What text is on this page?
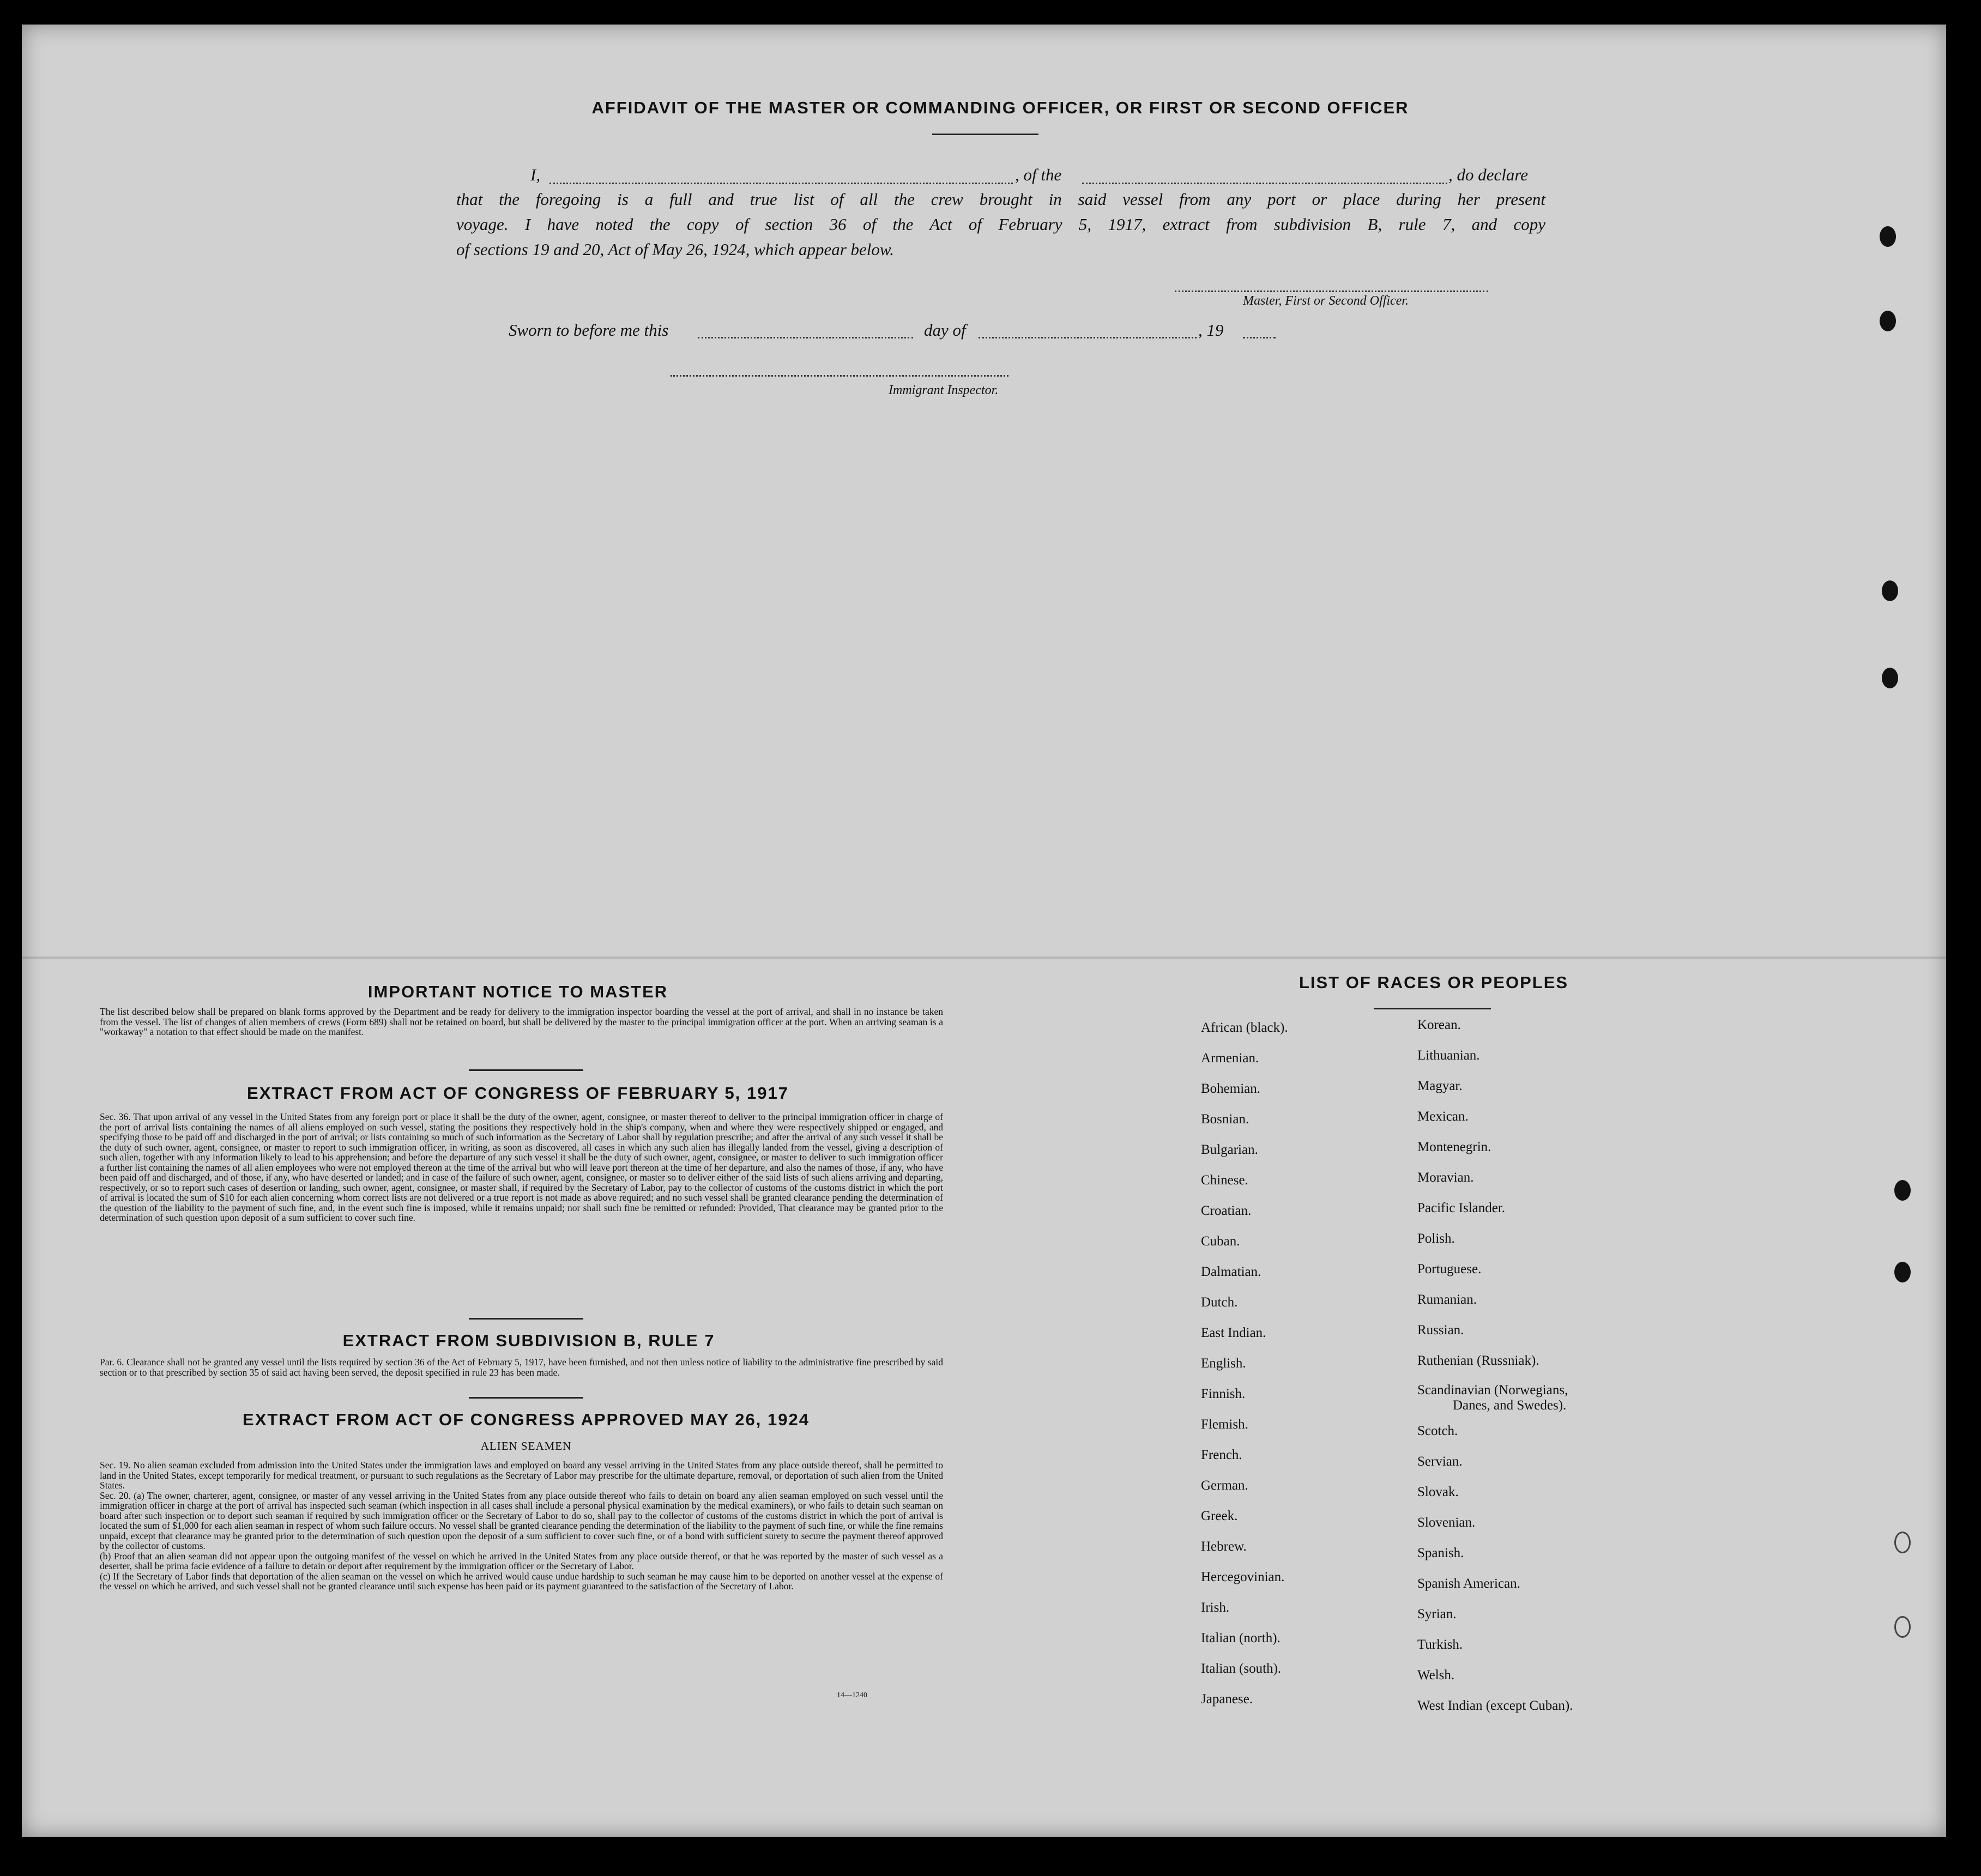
AFFIDAVIT OF THE MASTER OR COMMANDING OFFICER, OR FIRST OR SECOND OFFICER
I,	, of the	, do declare
that the foregoing is a full and true list of all the crew brought in said vessel from any port or place during her present
voyage. I have noted the copy of section 36 of the Act of February 5, 1917, extract from subdivision B, rule 7, and copy
of sections 19 and 20, Act of May 26, 1924, which appear below.
Master, First or Second Officer.
Sworn to before me this	day of	, 19
Immigrant Inspector.
IMPORTANT NOTICE TO MASTER
The list described below shall be prepared on blank forms approved by the Department and be ready for delivery to the immigration inspector boarding the vessel at the port of arrival, and shall in no instance be taken from the vessel. The list of changes of alien members of crews (Form 689) shall not be retained on board, but shall be delivered by the master to the principal immigration officer at the port. When an arriving seaman is a "workaway" a notation to that effect should be made on the manifest.
EXTRACT FROM ACT OF CONGRESS OF FEBRUARY 5, 1917
Sec. 36. That upon arrival of any vessel in the United States from any foreign port or place it shall be the duty of the owner, agent, consignee, or master thereof to deliver to the principal immigration officer in charge of the port of arrival lists containing the names of all aliens employed on such vessel, stating the positions they respectively hold in the ship's company, when and where they were respectively shipped or engaged, and specifying those to be paid off and discharged in the port of arrival; or lists containing so much of such information as the Secretary of Labor shall by regulation prescribe; and after the arrival of any such vessel it shall be the duty of such owner, agent, consignee, or master to report to such immigration officer, in writing, as soon as discovered, all cases in which any such alien has illegally landed from the vessel, giving a description of such alien, together with any information likely to lead to his apprehension; and before the departure of any such vessel it shall be the duty of such owner, agent, consignee, or master to deliver to such immigration officer a further list containing the names of all alien employees who were not employed thereon at the time of the arrival but who will leave port thereon at the time of her departure, and also the names of those, if any, who have been paid off and discharged, and of those, if any, who have deserted or landed; and in case of the failure of such owner, agent, consignee, or master so to deliver either of the said lists of such aliens arriving and departing, respectively, or so to report such cases of desertion or landing, such owner, agent, consignee, or master shall, if required by the Secretary of Labor, pay to the collector of customs of the customs district in which the port of arrival is located the sum of $10 for each alien concerning whom correct lists are not delivered or a true report is not made as above required; and no such vessel shall be granted clearance pending the determination of the question of the liability to the payment of such fine, and, in the event such fine is imposed, while it remains unpaid; nor shall such fine be remitted or refunded: Provided, That clearance may be granted prior to the determination of such question upon deposit of a sum sufficient to cover such fine.
EXTRACT FROM SUBDIVISION B, RULE 7
Par. 6. Clearance shall not be granted any vessel until the lists required by section 36 of the Act of February 5, 1917, have been furnished, and not then unless notice of liability to the administrative fine prescribed by said section or to that prescribed by section 35 of said act having been served, the deposit specified in rule 23 has been made.
EXTRACT FROM ACT OF CONGRESS APPROVED MAY 26, 1924
ALIEN SEAMEN

Sec. 19. No alien seaman excluded from admission into the United States under the immigration laws and employed on board any vessel arriving in the United States from any place outside thereof, shall be permitted to land in the United States, except temporarily for medical treatment, or pursuant to such regulations as the Secretary of Labor may prescribe for the ultimate departure, removal, or deportation of such alien from the United States.

Sec. 20. (a) The owner, charterer, agent, consignee, or master of any vessel arriving in the United States from any place outside thereof who fails to detain on board any alien seaman employed on such vessel until the immigration officer in charge at the port of arrival has inspected such seaman (which inspection in all cases shall include a personal physical examination by the medical examiners), or who fails to detain such seaman on board after such inspection or to deport such seaman if required by such immigration officer or the Secretary of Labor to do so, shall pay to the collector of customs of the customs district in which the port of arrival is located the sum of $1,000 for each alien seaman in respect of whom such failure occurs. No vessel shall be granted clearance pending the determination of the liability to the payment of such fine, or while the fine remains unpaid, except that clearance may be granted prior to the determination of such question upon the deposit of a sum sufficient to cover such fine, or of a bond with sufficient surety to secure the payment thereof approved by the collector of customs.

(b) Proof that an alien seaman did not appear upon the outgoing manifest of the vessel on which he arrived in the United States from any place outside thereof, or that he was reported by the master of such vessel as a deserter, shall be prima facie evidence of a failure to detain or deport after requirement by the immigration officer or the Secretary of Labor.

(c) If the Secretary of Labor finds that deportation of the alien seaman on the vessel on which he arrived would cause undue hardship to such seaman he may cause him to be deported on another vessel at the expense of the vessel on which he arrived, and such vessel shall not be granted clearance until such expense has been paid or its payment guaranteed to the satisfaction of the Secretary of Labor.

14—1240
LIST OF RACES OR PEOPLES
African (black).
Armenian.
Bohemian.
Bosnian.
Bulgarian.
Chinese.
Croatian.
Cuban.
Dalmatian.
Dutch.
East Indian.
English.
Finnish.
Flemish.
French.
German.
Greek.
Hebrew.
Hercegovinian.
Irish.
Italian (north).
Italian (south).
Japanese.
Korean.
Lithuanian.
Magyar.
Mexican.
Montenegrin.
Moravian.
Pacific Islander.
Polish.
Portuguese.
Rumanian.
Russian.
Ruthenian (Russniak).
Scandinavian (Norwegians,
Danes, and Swedes).
Scotch.
Servian.
Slovak.
Slovenian.
Spanish.
Spanish American.
Syrian.
Turkish.
Welsh.
West Indian (except Cuban).
